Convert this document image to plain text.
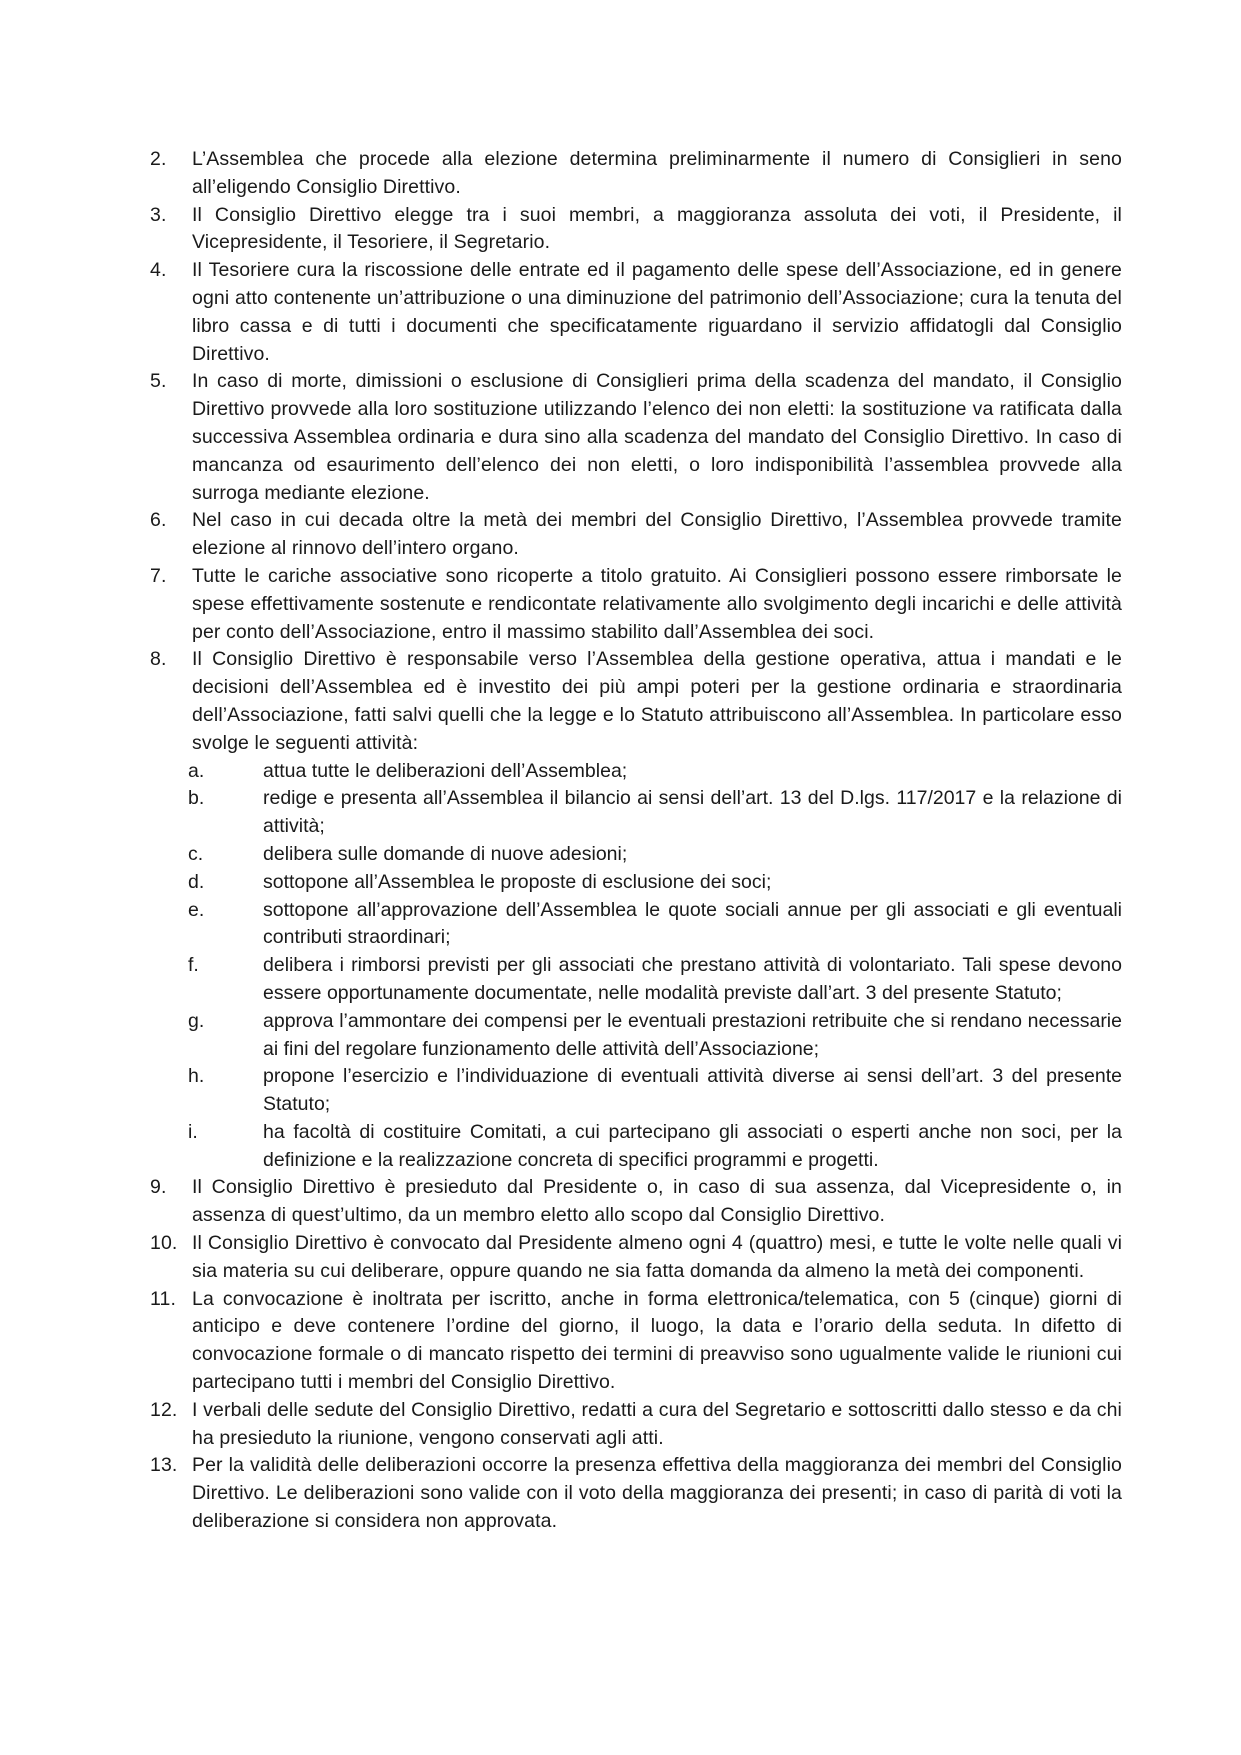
2.	L’Assemblea che procede alla elezione determina preliminarmente il numero di Consiglieri in seno all’eligendo Consiglio Direttivo.
3.	Il Consiglio Direttivo elegge tra i suoi membri, a maggioranza assoluta dei voti, il Presidente, il Vicepresidente, il Tesoriere, il Segretario.
4.	Il Tesoriere cura la riscossione delle entrate ed il pagamento delle spese dell’Associazione, ed in genere ogni atto contenente un’attribuzione o una diminuzione del patrimonio dell’Associazione; cura la tenuta del libro cassa e di tutti i documenti che specificatamente riguardano il servizio affidatogli dal Consiglio Direttivo.
5.	In caso di morte, dimissioni o esclusione di Consiglieri prima della scadenza del mandato, il Consiglio Direttivo provvede alla loro sostituzione utilizzando l’elenco dei non eletti: la sostituzione va ratificata dalla successiva Assemblea ordinaria e dura sino alla scadenza del mandato del Consiglio Direttivo. In caso di mancanza od esaurimento dell’elenco dei non eletti, o loro indisponibilità l’assemblea provvede alla surroga mediante elezione.
6.	Nel caso in cui decada oltre la metà dei membri del Consiglio Direttivo, l’Assemblea provvede tramite elezione al rinnovo dell’intero organo.
7.	Tutte le cariche associative sono ricoperte a titolo gratuito. Ai Consiglieri possono essere rimborsate le spese effettivamente sostenute e rendicontate relativamente allo svolgimento degli incarichi e delle attività per conto dell’Associazione, entro il massimo stabilito dall’Assemblea dei soci.
8.	Il Consiglio Direttivo è responsabile verso l’Assemblea della gestione operativa, attua i mandati e le decisioni dell’Assemblea ed è investito dei più ampi poteri per la gestione ordinaria e straordinaria dell’Associazione, fatti salvi quelli che la legge e lo Statuto attribuiscono all’Assemblea. In particolare esso svolge le seguenti attività:
a.	attua tutte le deliberazioni dell’Assemblea;
b.	redige e presenta all’Assemblea il bilancio ai sensi dell’art. 13 del D.lgs. 117/2017 e la relazione di attività;
c.	delibera sulle domande di nuove adesioni;
d.	sottopone all’Assemblea le proposte di esclusione dei soci;
e.	sottopone all’approvazione dell’Assemblea le quote sociali annue per gli associati e gli eventuali contributi straordinari;
f.	delibera i rimborsi previsti per gli associati che prestano attività di volontariato. Tali spese devono essere opportunamente documentate, nelle modalità previste dall’art. 3 del presente Statuto;
g.	approva l’ammontare dei compensi per le eventuali prestazioni retribuite che si rendano necessarie ai fini del regolare funzionamento delle attività dell’Associazione;
h.	propone l’esercizio e l’individuazione di eventuali attività diverse ai sensi dell’art. 3 del presente Statuto;
i.	ha facoltà di costituire Comitati, a cui partecipano gli associati o esperti anche non soci, per la definizione e la realizzazione concreta di specifici programmi e progetti.
9.	Il Consiglio Direttivo è presieduto dal Presidente o, in caso di sua assenza, dal Vicepresidente o, in assenza di quest’ultimo, da un membro eletto allo scopo dal Consiglio Direttivo.
10. Il Consiglio Direttivo è convocato dal Presidente almeno ogni 4 (quattro) mesi, e tutte le volte nelle quali vi sia materia su cui deliberare, oppure quando ne sia fatta domanda da almeno la metà dei componenti.
11. La convocazione è inoltrata per iscritto, anche in forma elettronica/telematica, con 5 (cinque) giorni di anticipo e deve contenere l’ordine del giorno, il luogo, la data e l’orario della seduta. In difetto di convocazione formale o di mancato rispetto dei termini di preavviso sono ugualmente valide le riunioni cui partecipano tutti i membri del Consiglio Direttivo.
12. I verbali delle sedute del Consiglio Direttivo, redatti a cura del Segretario e sottoscritti dallo stesso e da chi ha presieduto la riunione, vengono conservati agli atti.
13. Per la validità delle deliberazioni occorre la presenza effettiva della maggioranza dei membri del Consiglio Direttivo. Le deliberazioni sono valide con il voto della maggioranza dei presenti; in caso di parità di voti la deliberazione si considera non approvata.
